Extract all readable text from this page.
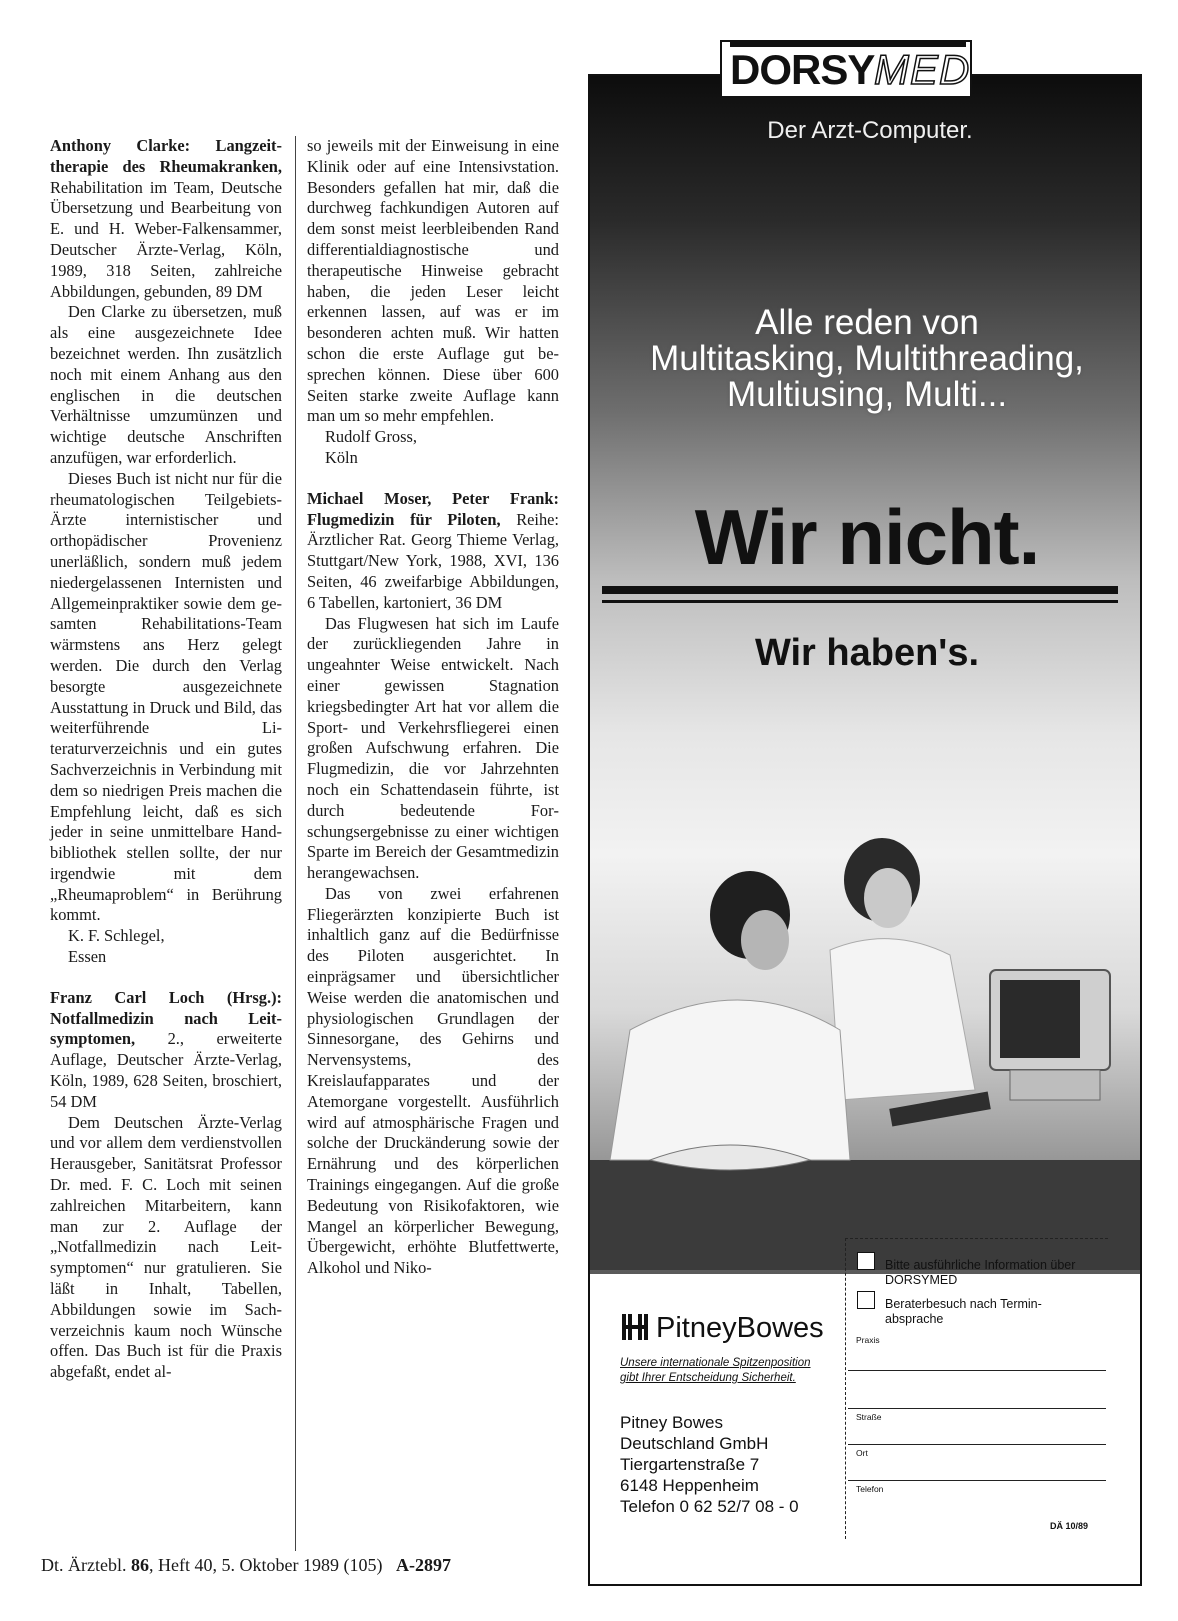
Anthony Clarke: Langzeittherapie des Rheumakranken, Rehabilitation im Team, Deutsche Übersetzung und Bearbeitung von E. und H. Weber-Falkensammer, Deutscher Ärzte-Verlag, Köln, 1989, 318 Seiten, zahlreiche Abbildungen, gebunden, 89 DM

Den Clarke zu übersetzen, muß als eine ausgezeichnete Idee bezeichnet werden. Ihn zusätzlich noch mit einem Anhang aus den englischen in die deutschen Verhältnisse umzumünzen und wichtige deutsche Anschriften anzufügen, war erforderlich.

Dieses Buch ist nicht nur für die rheumatologischen Teilgebiets-Ärzte internistischer und orthopädischer Provenienz unerläßlich, sondern muß jedem niedergelassenen Internisten und Allgemeinpraktiker sowie dem gesamten Rehabilitations-Team wärmstens ans Herz gelegt werden. Die durch den Verlag besorgte ausgezeichnete Ausstattung in Druck und Bild, das weiterführende Literaturverzeichnis und ein gutes Sachverzeichnis in Verbindung mit dem so niedrigen Preis machen die Empfehlung leicht, daß es sich jeder in seine unmittelbare Handbibliothek stellen sollte, der nur irgendwie mit dem „Rheumaproblem“ in Berührung kommt.

K. F. Schlegel,

Essen

Franz Carl Loch (Hrsg.): Notfallmedizin nach Leitsymptomen, 2., erweiterte Auflage, Deutscher Ärzte-Verlag, Köln, 1989, 628 Seiten, broschiert, 54 DM

Dem Deutschen Ärzte-Verlag und vor allem dem verdienstvollen Herausgeber, Sanitätsrat Professor Dr. med. F. C. Loch mit seinen zahlreichen Mitarbeitern, kann man zur 2. Auflage der „Notfallmedizin nach Leitsymptomen“ nur gratulieren. Sie läßt in Inhalt, Tabellen, Abbildungen sowie im Sachverzeichnis kaum noch Wünsche offen. Das Buch ist für die Praxis abgefaßt, endet al-

so jeweils mit der Einweisung in eine Klinik oder auf eine Intensivstation. Besonders gefallen hat mir, daß die durchweg fachkundigen Autoren auf dem sonst meist leerbleibenden Rand differentialdiagnostische und therapeutische Hinweise gebracht haben, die jeden Leser leicht erkennen lassen, auf was er im besonderen achten muß. Wir hatten schon die erste Auflage gut besprechen können. Diese über 600 Seiten starke zweite Auflage kann man um so mehr empfehlen.

Rudolf Gross,

Köln

Michael Moser, Peter Frank: Flugmedizin für Piloten, Reihe: Ärztlicher Rat. Georg Thieme Verlag, Stuttgart/New York, 1988, XVI, 136 Seiten, 46 zweifarbige Abbildungen, 6 Tabellen, kartoniert, 36 DM

Das Flugwesen hat sich im Laufe der zurückliegenden Jahre in ungeahnter Weise entwickelt. Nach einer gewissen Stagnation kriegsbedingter Art hat vor allem die Sport- und Verkehrsfliegerei einen großen Aufschwung erfahren. Die Flugmedizin, die vor Jahrzehnten noch ein Schattendasein führte, ist durch bedeutende Forschungsergebnisse zu einer wichtigen Sparte im Bereich der Gesamtmedizin herangewachsen.

Das von zwei erfahrenen Fliegerärzten konzipierte Buch ist inhaltlich ganz auf die Bedürfnisse des Piloten ausgerichtet. In einprägsamer und übersichtlicher Weise werden die anatomischen und physiologischen Grundlagen der Sinnesorgane, des Gehirns und Nervensystems, des Kreislaufapparates und der Atemorgane vorgestellt. Ausführlich wird auf atmosphärische Fragen und solche der Druckänderung sowie der Ernährung und des körperlichen Trainings eingegangen. Auf die große Bedeutung von Risikofaktoren, wie Mangel an körperlicher Bewegung, Übergewicht, erhöhte Blutfettwerte, Alkohol und Niko-

Dt. Ärztebl. 86, Heft 40, 5. Oktober 1989 (105) A-2897
DORSY MED
Der Arzt-Computer.
Alle reden von
Multitasking, Multithreading,
Multiusing, Multi...
Wir nicht.
Wir haben's.
PitneyBowes
Unsere internationale Spitzenposition gibt Ihrer Entscheidung Sicherheit.
Pitney Bowes
Deutschland GmbH
Tiergartenstraße 7
6148 Heppenheim
Telefon 0 62 52/7 08 - 0
Bitte ausführliche Information über DORSYMED
Beraterbesuch nach Terminabsprache
Praxis
Straße
Ort
Telefon
DÄ 10/89
